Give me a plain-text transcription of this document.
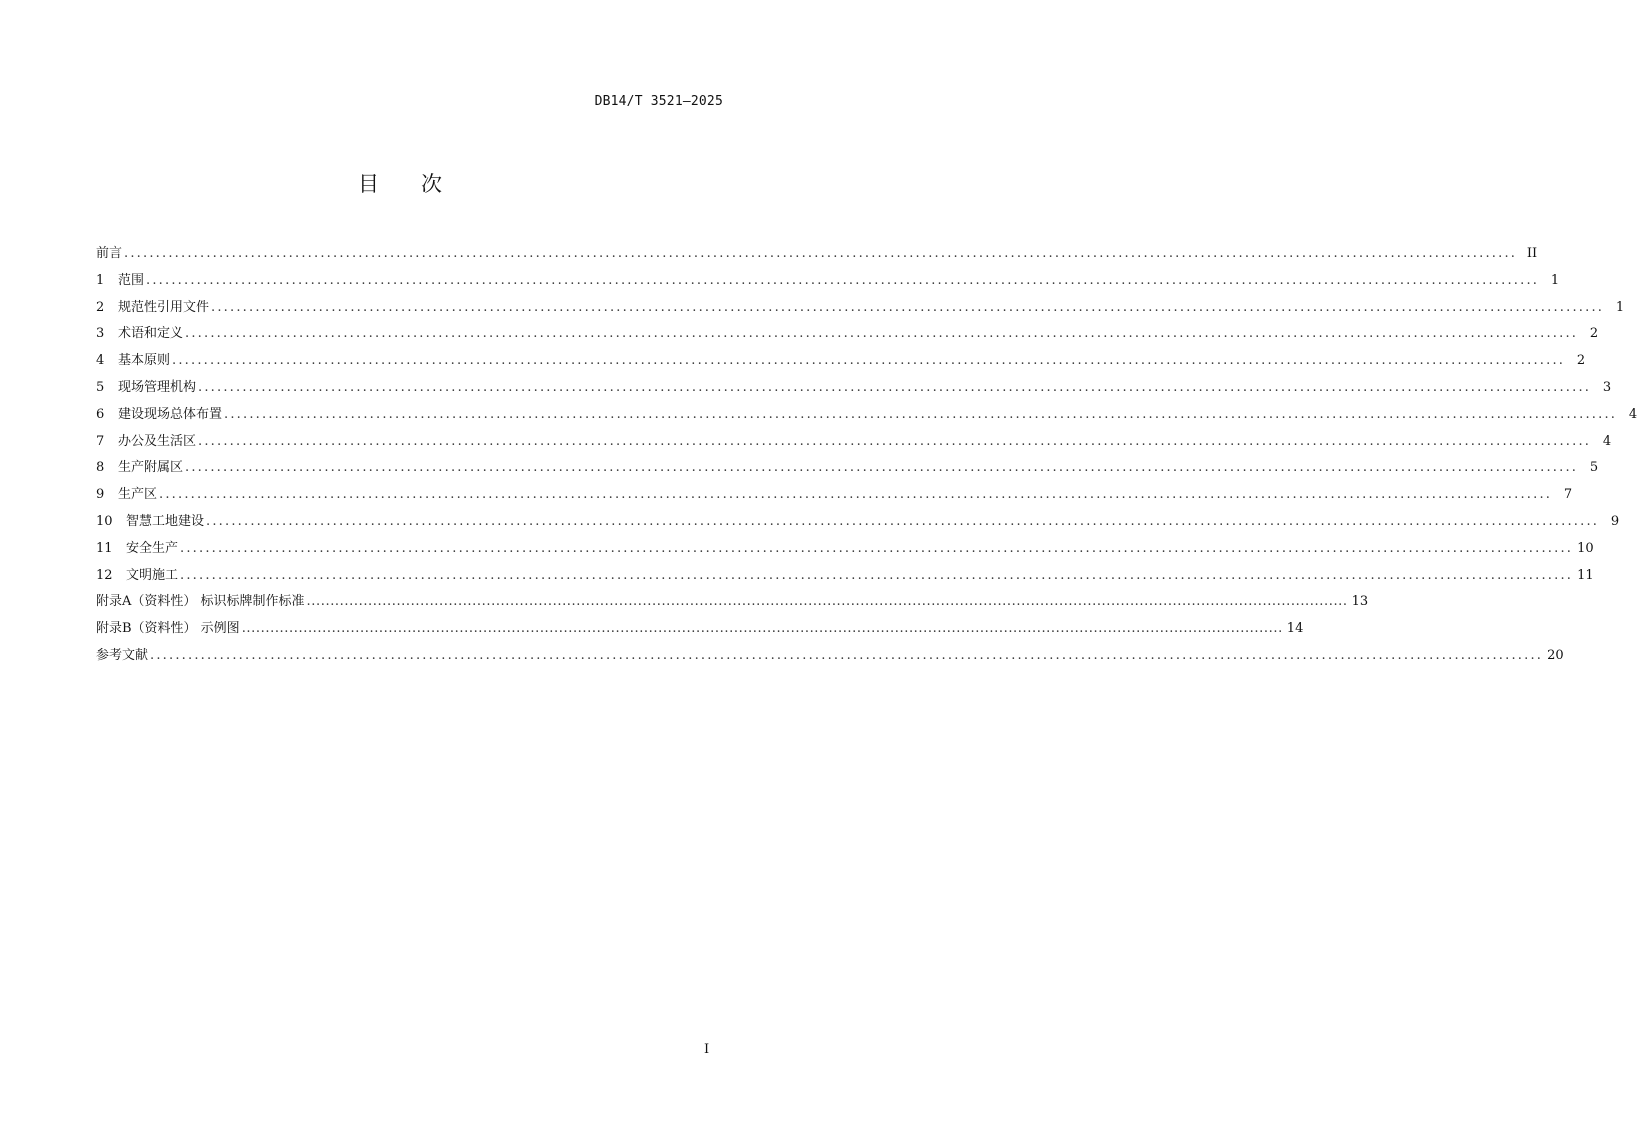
DB14/T 3521—2025
目 次
前言 ............................................................................................................................................................................................................................ II
1	范围 ............................................................................................................................................................................................................................ 1
2	规范性引用文件 ............................................................................................................................................................................................................................ 1
3	术语和定义 ............................................................................................................................................................................................................................ 2
4	基本原则 ............................................................................................................................................................................................................................ 2
5	现场管理机构 ............................................................................................................................................................................................................................ 3
6	建设现场总体布置 ............................................................................................................................................................................................................................ 4
7	办公及生活区 ............................................................................................................................................................................................................................ 4
8	生产附属区 ............................................................................................................................................................................................................................ 5
9	生产区 ............................................................................................................................................................................................................................ 7
10	智慧工地建设 ............................................................................................................................................................................................................................ 9
11	安全生产 ............................................................................................................................................................................................................................ 10
12	文明施工 ............................................................................................................................................................................................................................ 11
附录A（资料性） 标识标牌制作标准 ............................................................................................................................................................................................................................ 13
附录B（资料性） 示例图 ............................................................................................................................................................................................................................ 14
参考文献 ............................................................................................................................................................................................................................ 20
I
